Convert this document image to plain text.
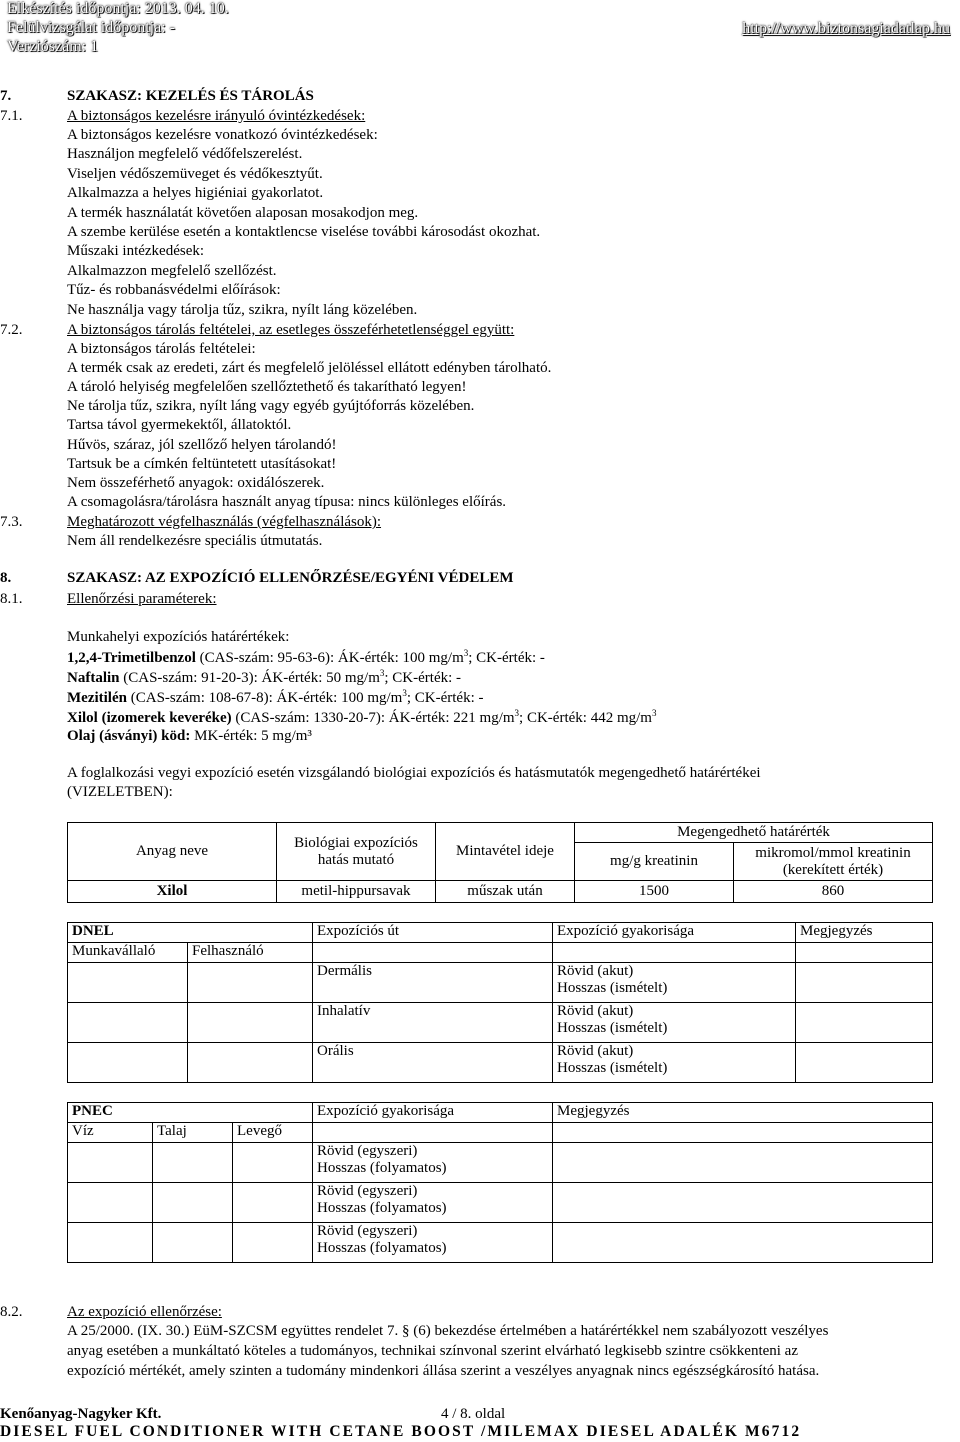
Elkészítés időpontja: 2013. 04. 10.
Felülvizsgálat időpontja: -
Verziószám: 1
http://www.biztonsagiadatlap.hu
7.	SZAKASZ: KEZELÉS ÉS TÁROLÁS
7.1.	A biztonságos kezelésre irányuló óvintézkedések:
A biztonságos kezelésre vonatkozó óvintézkedések:
Használjon megfelelő védőfelszerelést.
Viseljen védőszemüveget és védőkesztyűt.
Alkalmazza a helyes higiéniai gyakorlatot.
A termék használatát követően alaposan mosakodjon meg.
A szembe kerülése esetén a kontaktlencse viselése további károsodást okozhat.
Műszaki intézkedések:
Alkalmazzon megfelelő szellőzést.
Tűz- és robbanásvédelmi előírások:
Ne használja vagy tárolja tűz, szikra, nyílt láng közelében.
7.2.	A biztonságos tárolás feltételei, az esetleges összeférhetetlenséggel együtt:
A biztonságos tárolás feltételei:
A termék csak az eredeti, zárt és megfelelő jelöléssel ellátott edényben tárolható.
A tároló helyiség megfelelően szellőztethető és takarítható legyen!
Ne tárolja tűz, szikra, nyílt láng vagy egyéb gyújtóforrás közelében.
Tartsa távol gyermekektől, állatoktól.
Hűvös, száraz, jól szellőző helyen tárolandó!
Tartsuk be a címkén feltüntetett utasításokat!
Nem összeférhető anyagok: oxidálószerek.
A csomagolásra/tárolásra használt anyag típusa: nincs különleges előírás.
7.3.	Meghatározott végfelhasználás (végfelhasználások):
Nem áll rendelkezésre speciális útmutatás.
8.	SZAKASZ: AZ EXPOZÍCIÓ ELLENŐRZÉSE/EGYÉNI VÉDELEM
8.1.	Ellenőrzési paraméterek:
Munkahelyi expozíciós határértékek:
1,2,4-Trimetilbenzol (CAS-szám: 95-63-6): ÁK-érték: 100 $mg/m^3$; CK-érték: -
Naftalin (CAS-szám: 91-20-3): ÁK-érték: 50 $mg/m^3$; CK-érték: -
Mezitilén (CAS-szám: 108-67-8): ÁK-érték: 100 $mg/m^3$; CK-érték: -
Xilol (izomerek keveréke) (CAS-szám: 1330-20-7): ÁK-érték: 221 $mg/m^3$; CK-érték: 442 $mg/m^3$
Olaj (ásványi) köd: MK-érték: 5 mg/m³
A foglalkozási vegyi expozíció esetén vizsgálandó biológiai expozíciós és hatásmutatók megengedhető határértékei
(VIZELETBEN):
Anyag neve	Biológiai expozíciós
hatás mutató	Mintavétel ideje	Megengedhető határérték	
			mg/g kreatinin	mikromol/mmol kreatinin
(kerekített érték)
Xilol	metil-hippursavak	műszak után	1500	860
DNEL		Expozíciós út	Expozíció gyakorisága	Megjegyzés
Munkavállaló	Felhasználó			
		Dermális	Rövid (akut)
Hosszas (ismételt)	
		Inhalatív	Rövid (akut)
Hosszas (ismételt)	
		Orális	Rövid (akut)
Hosszas (ismételt)	
PNEC			Expozíció gyakorisága	Megjegyzés
Víz	Talaj	Levegő		
			Rövid (egyszeri)
Hosszas (folyamatos)	
			Rövid (egyszeri)
Hosszas (folyamatos)	
			Rövid (egyszeri)
Hosszas (folyamatos)	
8.2.	Az expozíció ellenőrzése:
A 25/2000. (IX. 30.) EüM-SZCSM együttes rendelet 7. § (6) bekezdése értelmében a határértékkel nem szabályozott veszélyes
anyag esetében a munkáltató köteles a tudományos, technikai színvonal szerint elvárható legkisebb szintre csökkenteni az
expozíció mértékét, amely szinten a tudomány mindenkori állása szerint a veszélyes anyagnak nincs egészségkárosító hatása.
Kenőanyag-Nagyker Kft.	4 / 8. oldal
DIESEL FUEL CONDITIONER WITH CETANE BOOST /MILEMAX DIESEL ADALÉK M6712
